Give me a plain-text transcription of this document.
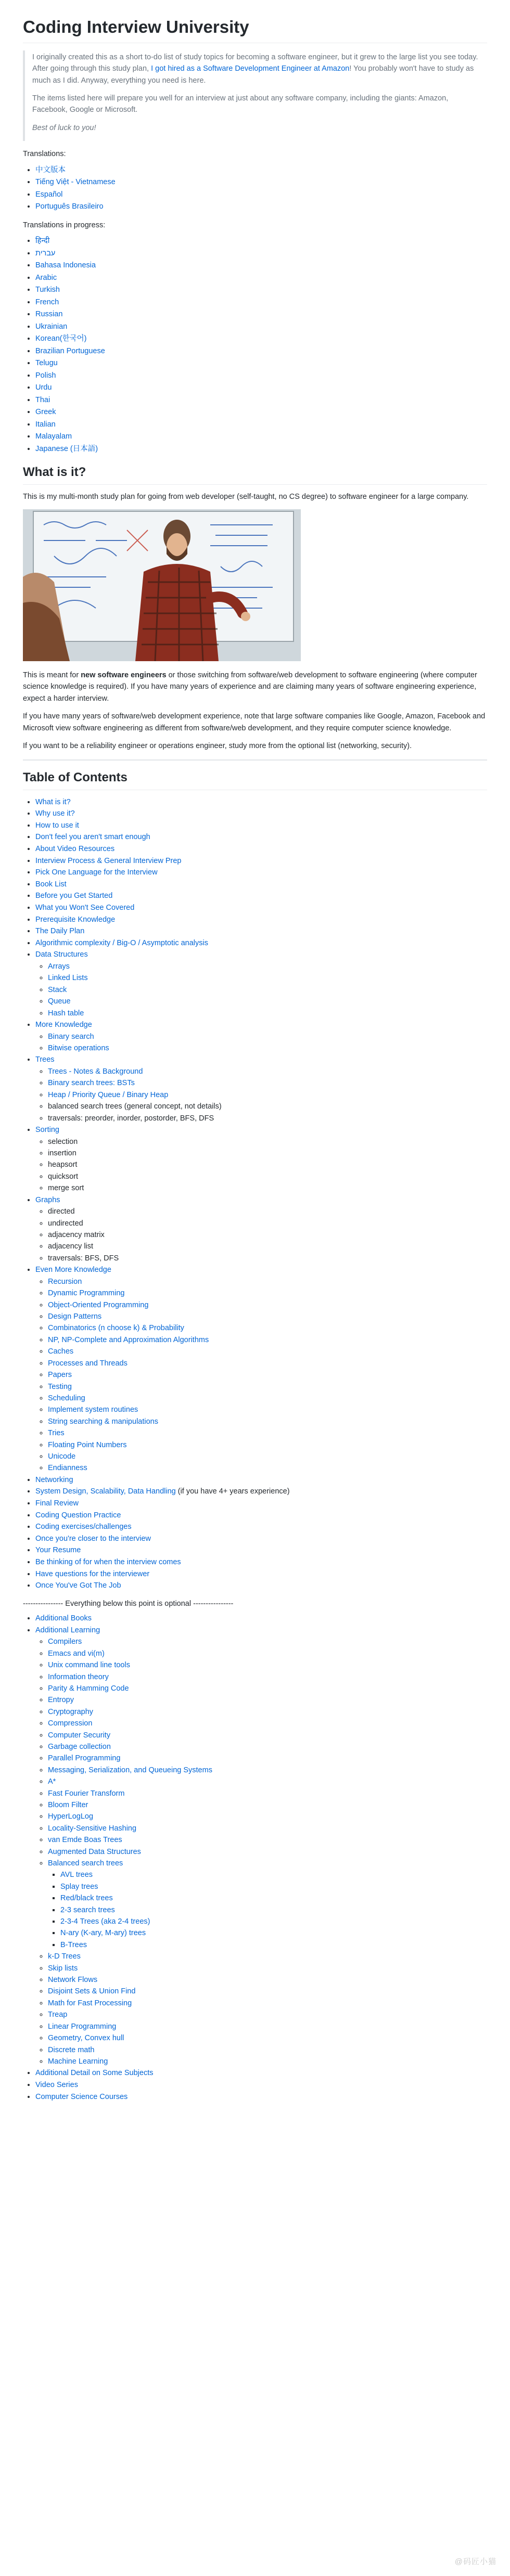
Coding Interview University

I originally created this as a short to-do list of study topics for becoming a software engineer, but it grew to the large list you see today. After going through this study plan, I got hired as a Software Development Engineer at Amazon! You probably won't have to study as much as I did. Anyway, everything you need is here.

The items listed here will prepare you well for an interview at just about any software company, including the giants: Amazon, Facebook, Google or Microsoft.

Best of luck to you!

Translations:

• 中文版本
• Tiếng Việt - Vietnamese
• Español
• Português Brasileiro

Translations in progress:

• हिन्दी
• עברית
• Bahasa Indonesia
• Arabic
• Turkish
• French
• Russian
• Ukrainian
• Korean(한국어)
• Brazilian Portuguese
• Telugu
• Polish
• Urdu
• Thai
• Greek
• Italian
• Malayalam
• Japanese (日本語)
What is it?

This is my multi-month study plan for going from web developer (self-taught, no CS degree) to software engineer for a large company.

This is meant for new software engineers or those switching from software/web development to software engineering (where computer science knowledge is required). If you have many years of experience and are claiming many years of software engineering experience, expect a harder interview.

If you have many years of software/web development experience, note that large software companies like Google, Amazon, Facebook and Microsoft view software engineering as different from software/web development, and they require computer science knowledge.

If you want to be a reliability engineer or operations engineer, study more from the optional list (networking, security).

Table of Contents
• What is it?
• Why use it?
• How to use it
• Don't feel you aren't smart enough
• About Video Resources
• Interview Process & General Interview Prep
• Pick One Language for the Interview
• Book List
• Before you Get Started
• What you Won't See Covered
• Prerequisite Knowledge
• The Daily Plan
• Algorithmic complexity / Big-O / Asymptotic analysis
• Data Structures
◦ Arrays
◦ Linked Lists
◦ Stack
◦ Queue
◦ Hash table
• More Knowledge
◦ Binary search
◦ Bitwise operations
• Trees
◦ Trees - Notes & Background
◦ Binary search trees: BSTs
◦ Heap / Priority Queue / Binary Heap
◦ balanced search trees (general concept, not details)
◦ traversals: preorder, inorder, postorder, BFS, DFS
• Sorting
◦ selection
◦ insertion
◦ heapsort
◦ quicksort
◦ merge sort
• Graphs
◦ directed
◦ undirected
◦ adjacency matrix
◦ adjacency list
◦ traversals: BFS, DFS
• Even More Knowledge
◦ Recursion
◦ Dynamic Programming
◦ Object-Oriented Programming
◦ Design Patterns
◦ Combinatorics (n choose k) & Probability
◦ NP, NP-Complete and Approximation Algorithms
◦ Caches
◦ Processes and Threads
◦ Papers
◦ Testing
◦ Scheduling
◦ Implement system routines
◦ String searching & manipulations
◦ Tries
◦ Floating Point Numbers
◦ Unicode
◦ Endianness
• Networking
• System Design, Scalability, Data Handling (if you have 4+ years experience)
• Final Review
• Coding Question Practice
• Coding exercises/challenges
• Once you're closer to the interview
• Your Resume
• Be thinking of for when the interview comes
• Have questions for the interviewer
• Once You've Got The Job
---------------- Everything below this point is optional ----------------
• Additional Books
• Additional Learning
◦ Compilers
◦ Emacs and vi(m)
◦ Unix command line tools
◦ Information theory
◦ Parity & Hamming Code
◦ Entropy
◦ Cryptography
◦ Compression
◦ Computer Security
◦ Garbage collection
◦ Parallel Programming
◦ Messaging, Serialization, and Queueing Systems
◦ A*
◦ Fast Fourier Transform
◦ Bloom Filter
◦ HyperLogLog
◦ Locality-Sensitive Hashing
◦ van Emde Boas Trees
◦ Augmented Data Structures
◦ Balanced search trees
▪ AVL trees
▪ Splay trees
▪ Red/black trees
▪ 2-3 search trees
▪ 2-3-4 Trees (aka 2-4 trees)
▪ N-ary (K-ary, M-ary) trees
▪ B-Trees
◦ k-D Trees
◦ Skip lists
◦ Network Flows
◦ Disjoint Sets & Union Find
◦ Math for Fast Processing
◦ Treap
◦ Linear Programming
◦ Geometry, Convex hull
◦ Discrete math
◦ Machine Learning
• Additional Detail on Some Subjects
• Video Series
• Computer Science Courses
@码匠小猫
